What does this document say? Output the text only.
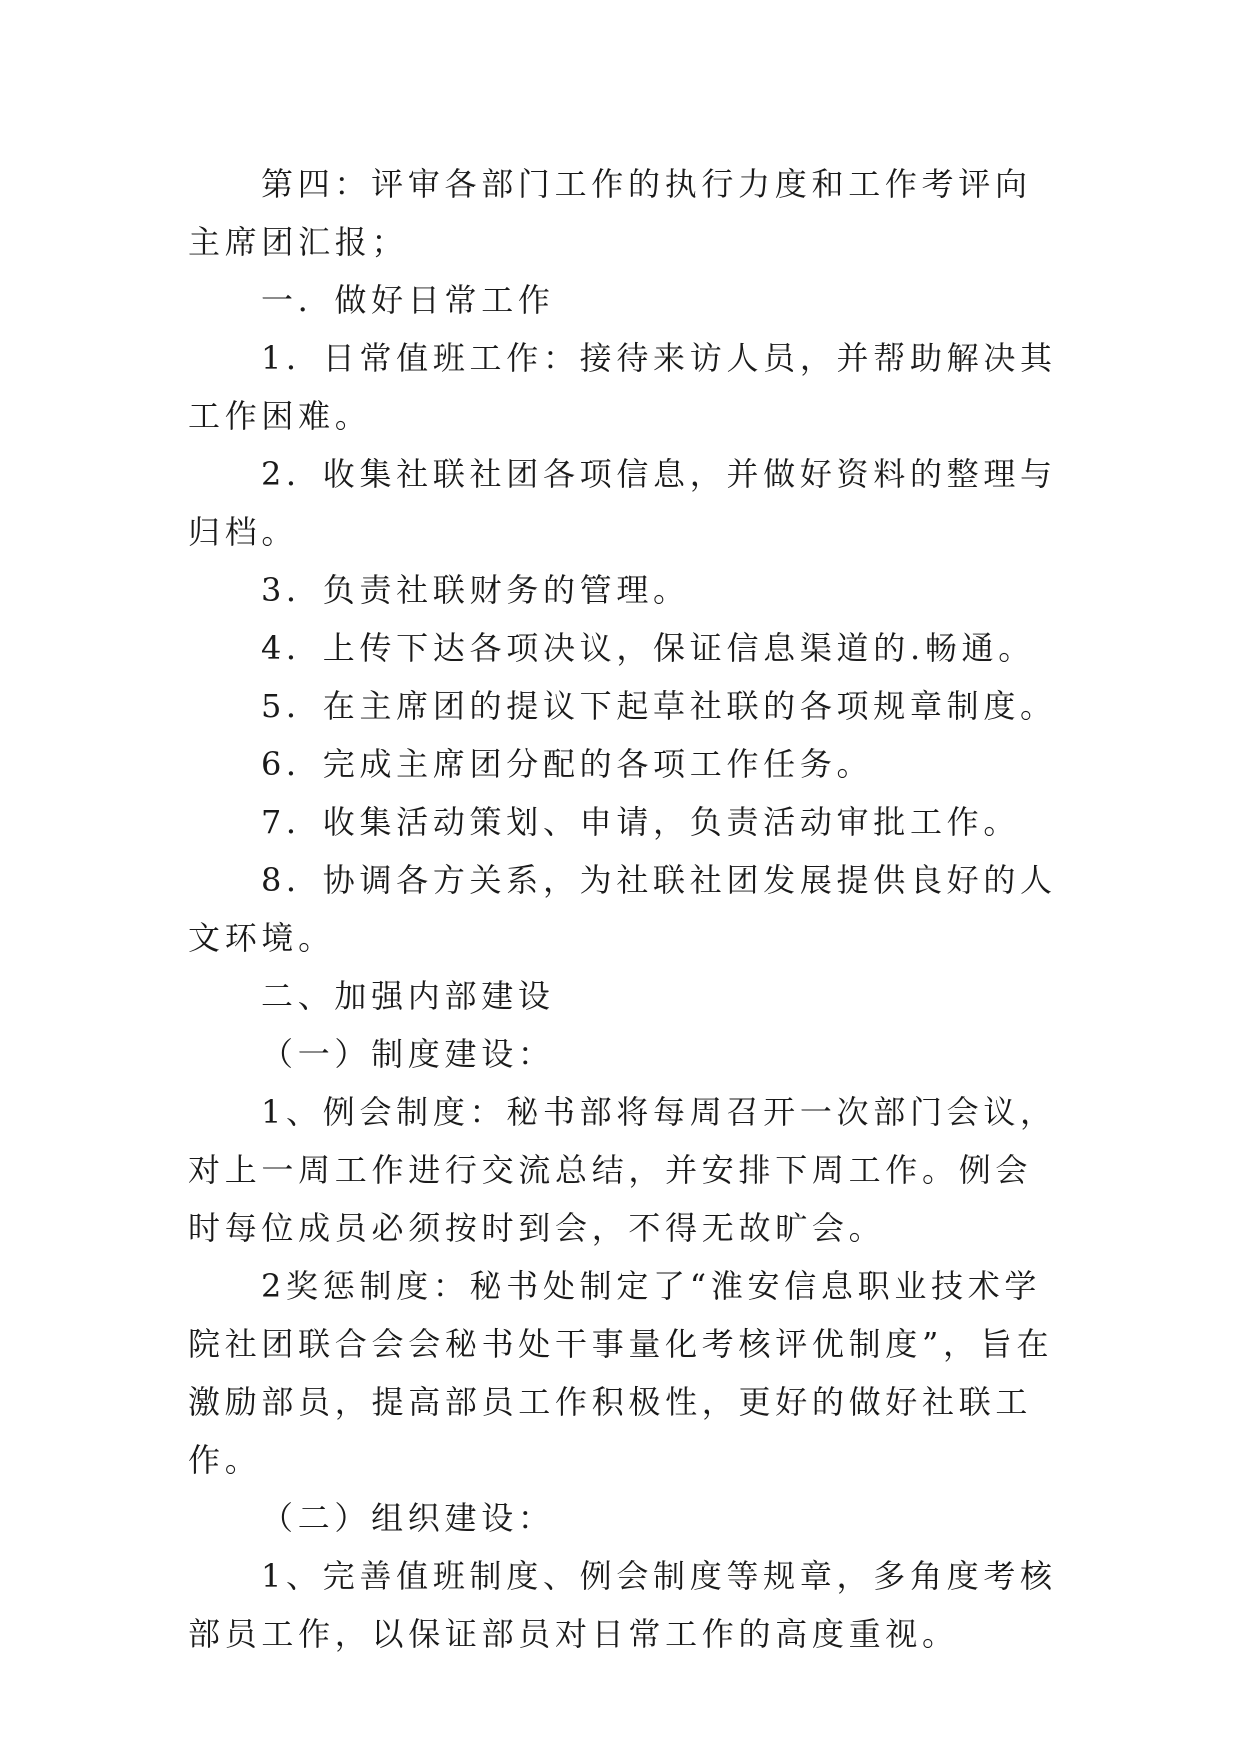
第四：评审各部门工作的执行力度和工作考评向主席团汇报；

一．做好日常工作

1．日常值班工作：接待来访人员，并帮助解决其工作困难。

2．收集社联社团各项信息，并做好资料的整理与归档。

3．负责社联财务的管理。

4．上传下达各项决议，保证信息渠道的.畅通。

5．在主席团的提议下起草社联的各项规章制度。

6．完成主席团分配的各项工作任务。

7．收集活动策划、申请，负责活动审批工作。

8．协调各方关系，为社联社团发展提供良好的人文环境。

二、加强内部建设

（一）制度建设：

1、例会制度：秘书部将每周召开一次部门会议，对上一周工作进行交流总结，并安排下周工作。例会时每位成员必须按时到会，不得无故旷会。

2奖惩制度：秘书处制定了“淮安信息职业技术学院社团联合会会秘书处干事量化考核评优制度”，旨在激励部员，提高部员工作积极性，更好的做好社联工作。

（二）组织建设：

1、完善值班制度、例会制度等规章，多角度考核部员工作，以保证部员对日常工作的高度重视。
